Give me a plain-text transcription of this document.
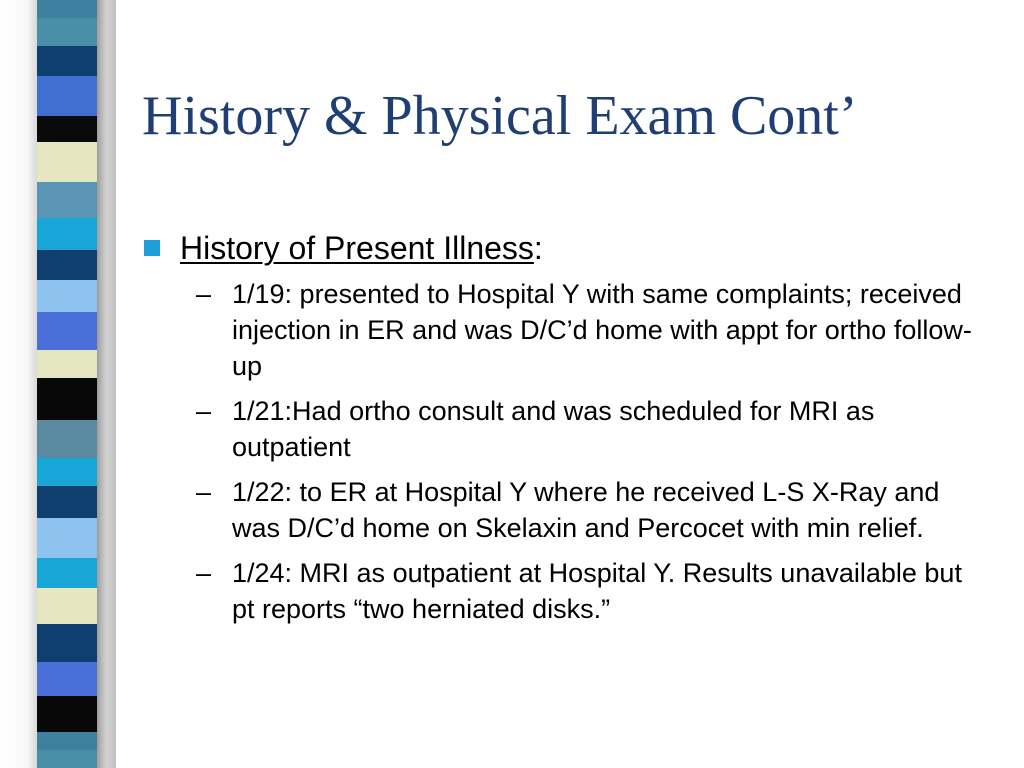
History & Physical Exam Cont’
History of Present Illness:
– 1/19: presented to Hospital Y with same complaints; received injection in ER and was D/C’d home with appt for ortho follow-up
– 1/21:Had ortho consult and was scheduled for MRI as outpatient
– 1/22: to ER at Hospital Y where he received L-S X-Ray and was D/C’d home on Skelaxin and Percocet with min relief.
– 1/24: MRI as outpatient at Hospital Y. Results unavailable but pt reports “two herniated disks.”
